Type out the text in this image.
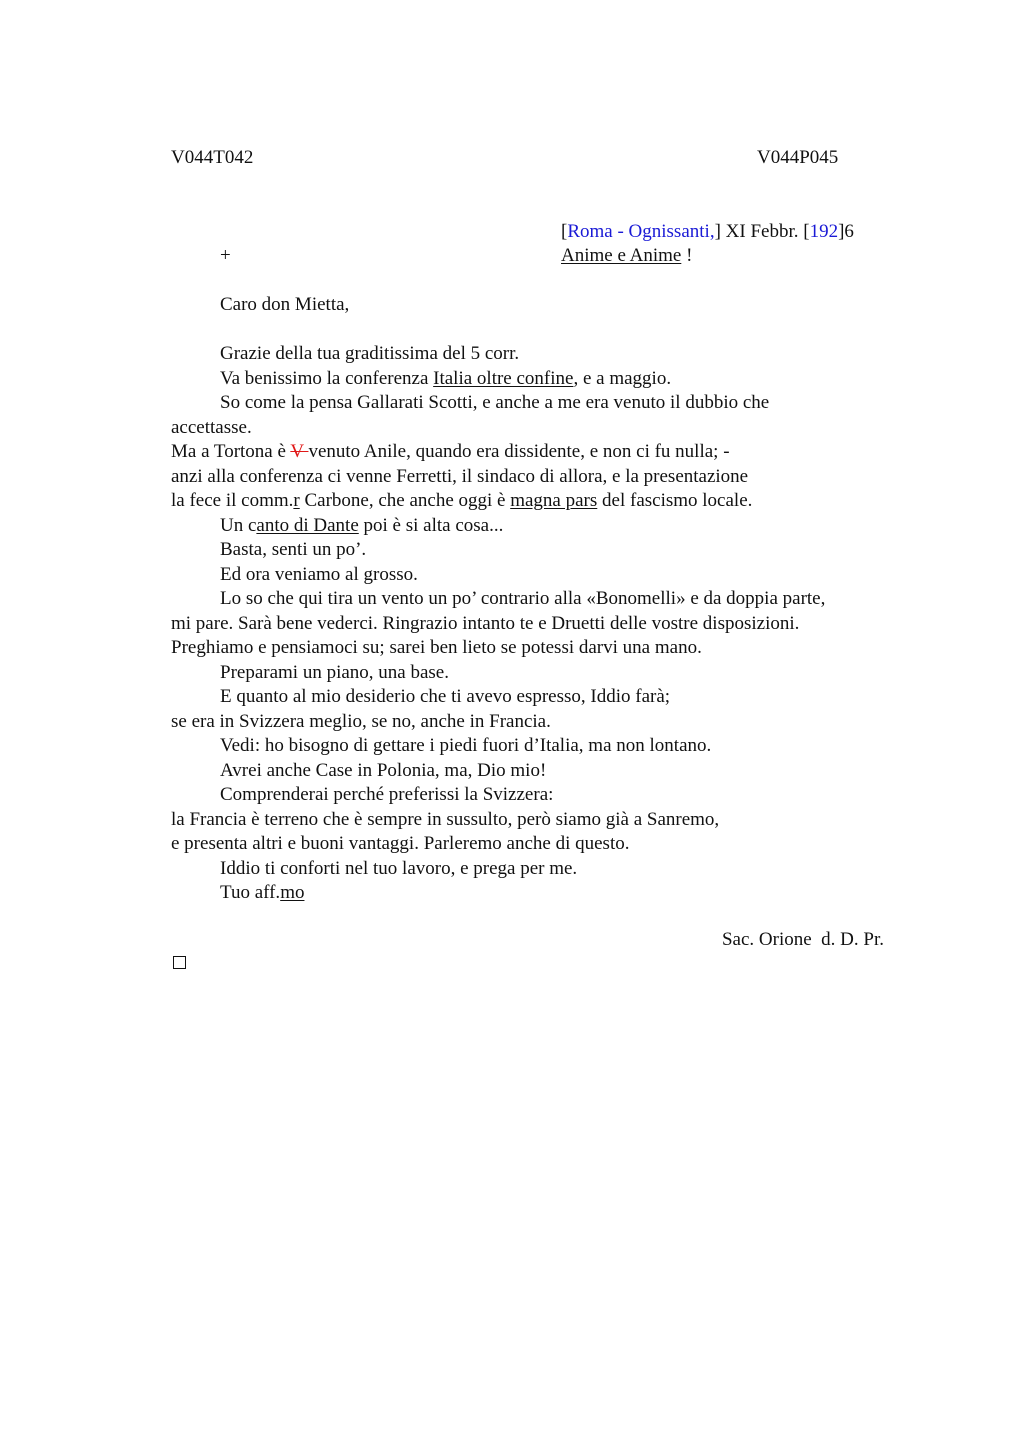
V044T042	V044P045
[Roma - Ognissanti,] XI Febbr. [192]6
+	Anime e Anime !
Caro don Mietta,
Grazie della tua graditissima del 5 corr.
Va benissimo la conferenza Italia oltre confine, e a maggio.
So come la pensa Gallarati Scotti, e anche a me era venuto il dubbio che
accettasse.
Ma a Tortona è V venuto Anile, quando era dissidente, e non ci fu nulla; -
anzi alla conferenza ci venne Ferretti, il sindaco di allora, e la presentazione
la fece il comm.r Carbone, che anche oggi è magna pars del fascismo locale.
Un canto di Dante poi è si alta cosa...
Basta, senti un po’.
Ed ora veniamo al grosso.
Lo so che qui tira un vento un po’ contrario alla «Bonomelli» e da doppia parte,
mi pare. Sarà bene vederci. Ringrazio intanto te e Druetti delle vostre disposizioni.
Preghiamo e pensiamoci su; sarei ben lieto se potessi darvi una mano.
Preparami un piano, una base.
E quanto al mio desiderio che ti avevo espresso, Iddio farà;
se era in Svizzera meglio, se no, anche in Francia.
Vedi: ho bisogno di gettare i piedi fuori d’Italia, ma non lontano.
Avrei anche Case in Polonia, ma, Dio mio!
Comprenderai perché preferissi la Svizzera:
la Francia è terreno che è sempre in sussulto, però siamo già a Sanremo,
e presenta altri e buoni vantaggi. Parleremo anche di questo.
Iddio ti conforti nel tuo lavoro, e prega per me.
Tuo aff.mo
Sac. Orione  d. D. Pr.
